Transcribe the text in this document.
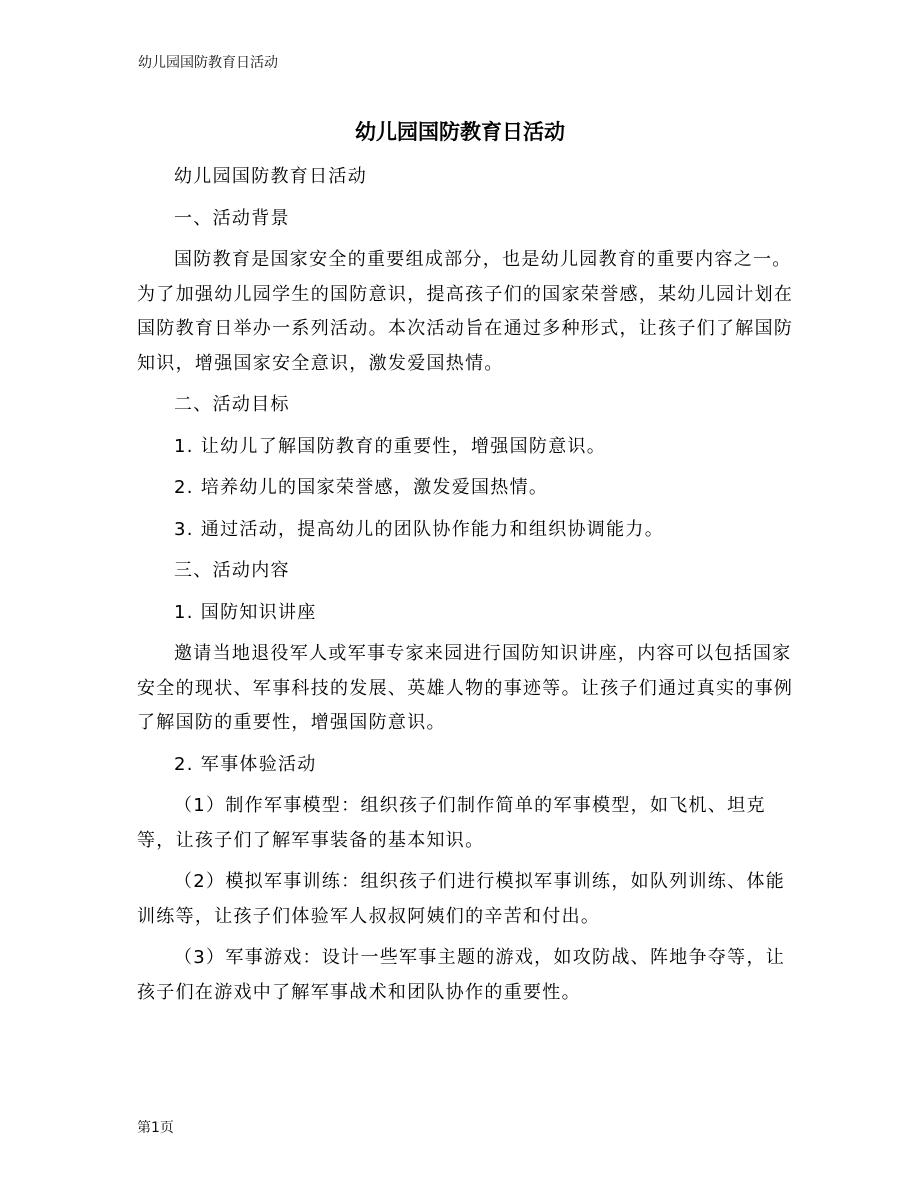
幼儿园国防教育日活动
幼儿园国防教育日活动

幼儿园国防教育日活动

一、活动背景

国防教育是国家安全的重要组成部分，也是幼儿园教育的重要内容之一。为了加强幼儿园学生的国防意识，提高孩子们的国家荣誉感，某幼儿园计划在国防教育日举办一系列活动。本次活动旨在通过多种形式，让孩子们了解国防知识，增强国家安全意识，激发爱国热情。

二、活动目标

1. 让幼儿了解国防教育的重要性，增强国防意识。

2. 培养幼儿的国家荣誉感，激发爱国热情。

3. 通过活动，提高幼儿的团队协作能力和组织协调能力。

三、活动内容

1. 国防知识讲座

邀请当地退役军人或军事专家来园进行国防知识讲座，内容可以包括国家安全的现状、军事科技的发展、英雄人物的事迹等。让孩子们通过真实的事例了解国防的重要性，增强国防意识。

2. 军事体验活动

（1）制作军事模型：组织孩子们制作简单的军事模型，如飞机、坦克等，让孩子们了解军事装备的基本知识。

（2）模拟军事训练：组织孩子们进行模拟军事训练，如队列训练、体能训练等，让孩子们体验军人叔叔阿姨们的辛苦和付出。

（3）军事游戏：设计一些军事主题的游戏，如攻防战、阵地争夺等，让孩子们在游戏中了解军事战术和团队协作的重要性。

第1页
